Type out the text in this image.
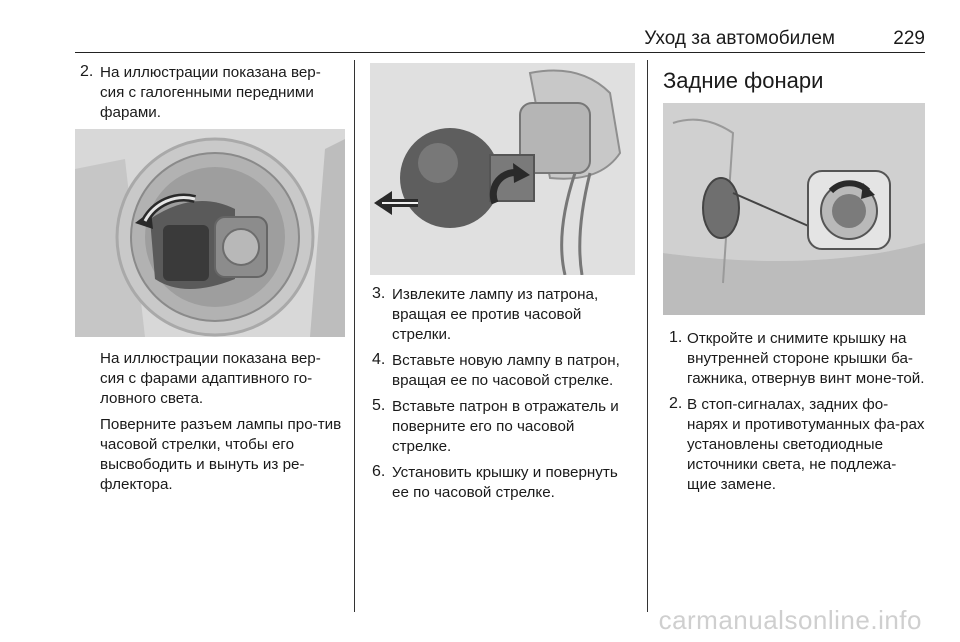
Уход за автомобилем	229
2. На иллюстрации показана вер-сия с галогенными передними фарами.

На иллюстрации показана вер-сия с фарами адаптивного го-ловного света.

Поверните разъем лампы про-тив часовой стрелки, чтобы его высвободить и вынуть из ре-флектора.

3. Извлеките лампу из патрона, вращая ее против часовой стрелки.

4. Вставьте новую лампу в патрон, вращая ее по часовой стрелке.

5. Вставьте патрон в отражатель и поверните его по часовой стрелке.

6. Установить крышку и повернуть ее по часовой стрелке.

Задние фонари
1. Откройте и снимите крышку на внутренней стороне крышки ба-гажника, отвернув винт моне-той.

2. В стоп-сигналах, задних фо-нарях и противотуманных фа-рах установлены светодиодные источники света, не подлежа-щие замене.

carmanualsonline.info
